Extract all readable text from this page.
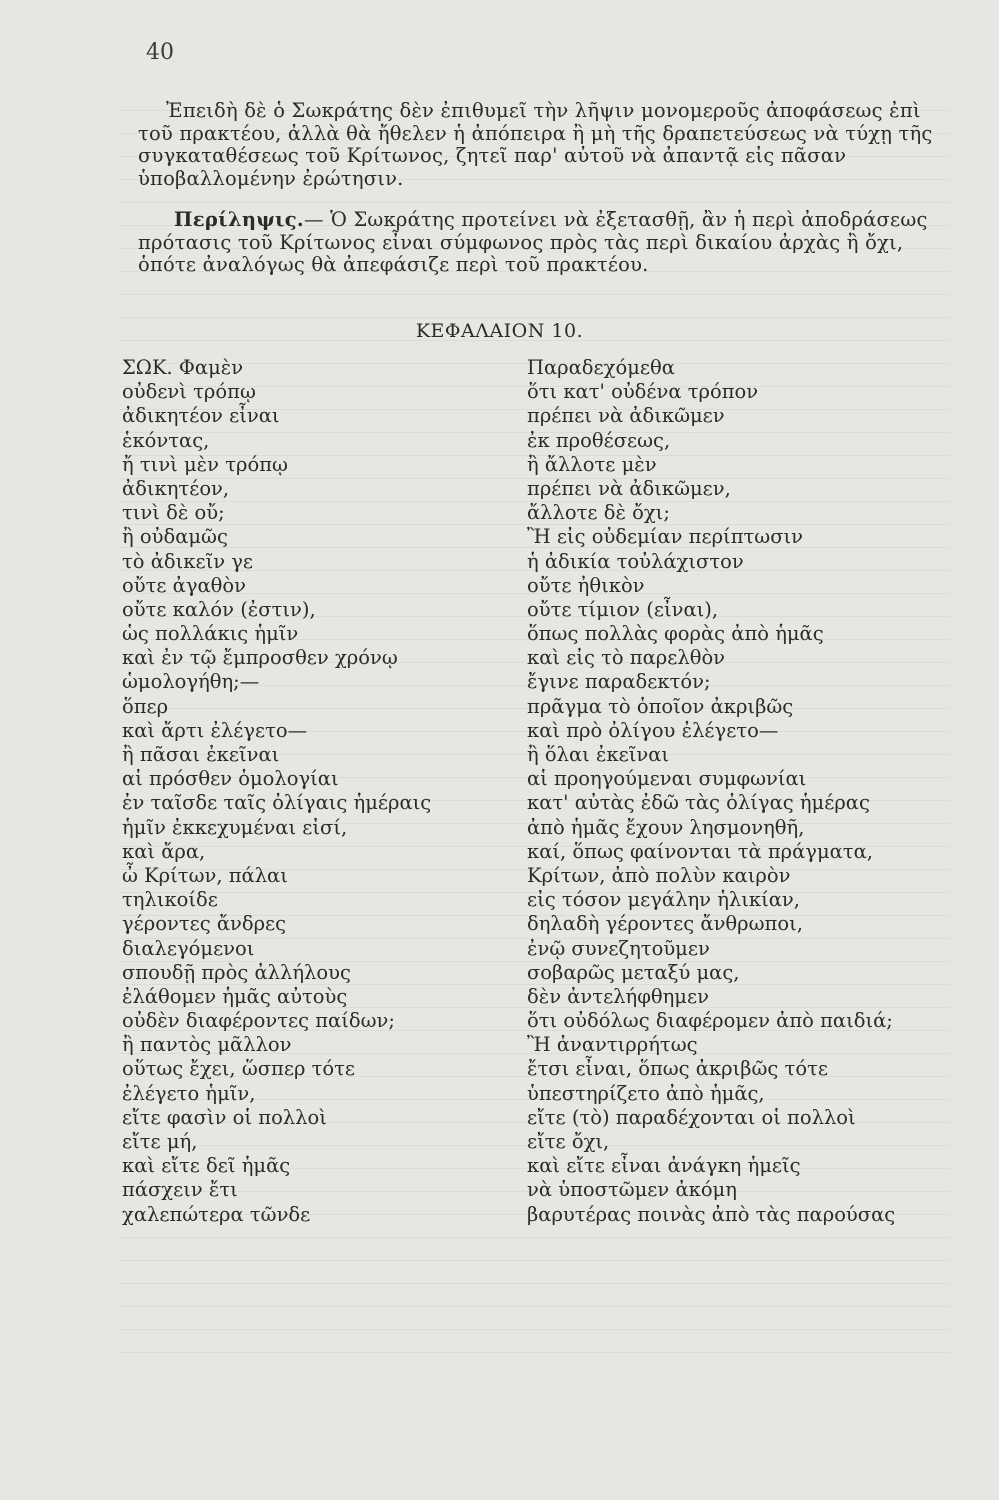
40
Ἐπειδὴ δὲ ὁ Σωκράτης δὲν ἐπιθυμεῖ τὴν λῆψιν μονομεροῦς ἀποφάσεως ἐπὶ τοῦ πρακτέου, ἀλλὰ θὰ ἤθελεν ἡ ἀπόπειρα ἢ μὴ τῆς δραπετεύσεως νὰ τύχῃ τῆς συγκαταθέσεως τοῦ Κρίτωνος, ζητεῖ παρ' αὐτοῦ νὰ ἀπαντᾷ εἰς πᾶσαν ὑποβαλλομένην ἐρώτησιν.
Περίληψις.— Ὁ Σωκράτης προτείνει νὰ ἐξετασθῇ, ἂν ἡ περὶ ἀποδράσεως πρότασις τοῦ Κρίτωνος εἶναι σύμφωνος πρὸς τὰς περὶ δικαίου ἀρχὰς ἢ ὄχι, ὁπότε ἀναλόγως θὰ ἀπεφάσιζε περὶ τοῦ πρακτέου.
ΚΕΦΑΛΑΙΟΝ 10.
ΣΩΚ. Φαμὲν
οὐδενὶ τρόπῳ
ἀδικητέον εἶναι
ἑκόντας,
ἤ τινὶ μὲν τρόπῳ
ἀδικητέον,
τινὶ δὲ οὔ;
ἢ οὐδαμῶς
τὸ ἀδικεῖν γε
οὔτε ἀγαθὸν
οὔτε καλόν (ἐστιν),
ὡς πολλάκις ἡμῖν
καὶ ἐν τῷ ἔμπροσθεν χρόνῳ
ὡμολογήθη;—
ὅπερ
καὶ ἄρτι ἐλέγετο—
ἢ πᾶσαι ἐκεῖναι
αἱ πρόσθεν ὁμολογίαι
ἐν ταῖσδε ταῖς ὀλίγαις ἡμέραις
ἡμῖν ἐκκεχυμέναι εἰσί,
καὶ ἄρα,
ὦ Κρίτων, πάλαι
τηλικοίδε
γέροντες ἄνδρες
διαλεγόμενοι
σπουδῇ πρὸς ἀλλήλους
ἐλάθομεν ἡμᾶς αὐτοὺς
οὐδὲν διαφέροντες παίδων;
ἢ παντὸς μᾶλλον
οὕτως ἔχει, ὥσπερ τότε
ἐλέγετο ἡμῖν,
εἴτε φασὶν οἱ πολλοὶ
εἴτε μή,
καὶ εἴτε δεῖ ἡμᾶς
πάσχειν ἔτι
χαλεπώτερα τῶνδε
Παραδεχόμεθα
ὅτι κατ' οὐδένα τρόπον
πρέπει νὰ ἀδικῶμεν
ἐκ προθέσεως,
ἢ ἄλλοτε μὲν
πρέπει νὰ ἀδικῶμεν,
ἄλλοτε δὲ ὄχι;
Ἢ εἰς οὐδεμίαν περίπτωσιν
ἡ ἀδικία τοὐλάχιστον
οὔτε ἠθικὸν
οὔτε τίμιον (εἶναι),
ὅπως πολλὰς φορὰς ἀπὸ ἡμᾶς
καὶ εἰς τὸ παρελθὸν
ἔγινε παραδεκτόν;
πρᾶγμα τὸ ὁποῖον ἀκριβῶς
καὶ πρὸ ὀλίγου ἐλέγετο—
ἢ ὅλαι ἐκεῖναι
αἱ προηγούμεναι συμφωνίαι
κατ' αὐτὰς ἐδῶ τὰς ὀλίγας ἡμέρας
ἀπὸ ἡμᾶς ἔχουν λησμονηθῆ,
καί, ὅπως φαίνονται τὰ πράγματα,
Κρίτων, ἀπὸ πολὺν καιρὸν
εἰς τόσον μεγάλην ἡλικίαν,
δηλαδὴ γέροντες ἄνθρωποι,
ἐνῷ συνεζητοῦμεν
σοβαρῶς μεταξύ μας,
δὲν ἀντελήφθημεν
ὅτι οὐδόλως διαφέρομεν ἀπὸ παιδιά;
Ἢ ἀναντιρρήτως
ἔτσι εἶναι, ὅπως ἀκριβῶς τότε
ὑπεστηρίζετο ἀπὸ ἡμᾶς,
εἴτε (τὸ) παραδέχονται οἱ πολλοὶ
εἴτε ὄχι,
καὶ εἴτε εἶναι ἀνάγκη ἡμεῖς
νὰ ὑποστῶμεν ἀκόμη
βαρυτέρας ποινὰς ἀπὸ τὰς παρούσας
